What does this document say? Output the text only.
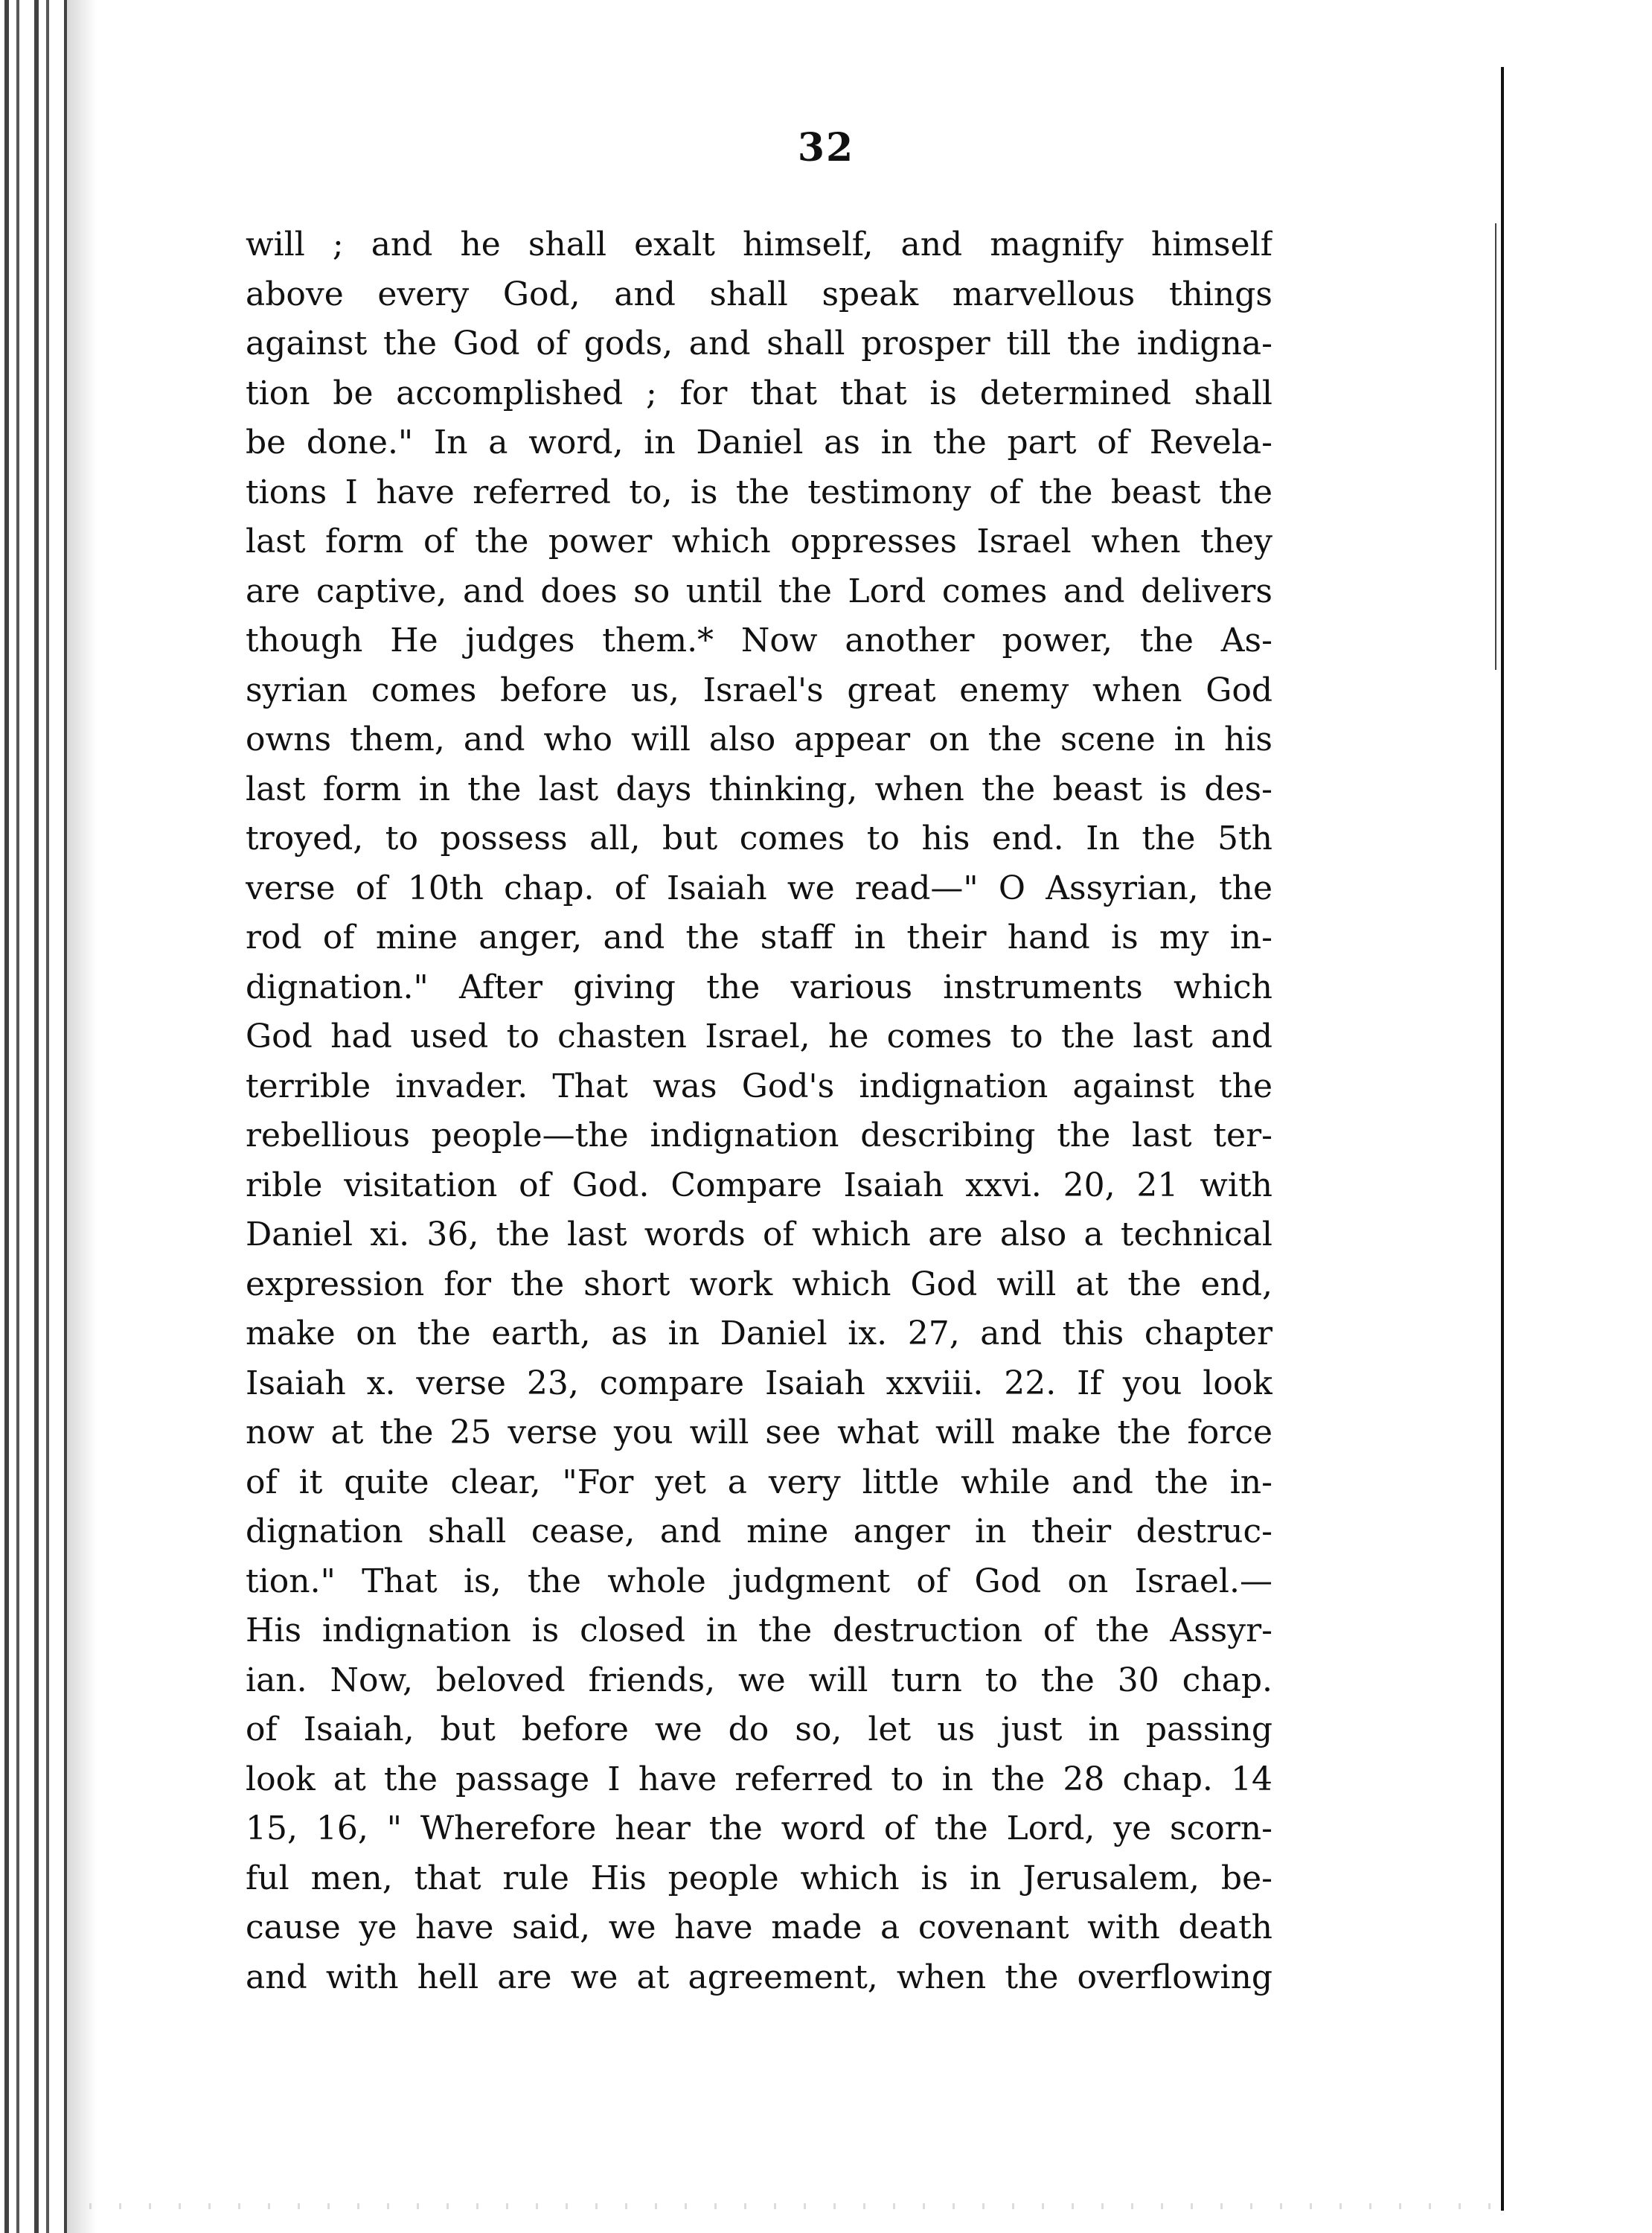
32
will ; and he shall exalt himself, and magnify himself
above every God, and shall speak marvellous things
against the God of gods, and shall prosper till the indigna-
tion be accomplished ; for that that is determined shall
be done." In a word, in Daniel as in the part of Revela-
tions I have referred to, is the testimony of the beast the
last form of the power which oppresses Israel when they
are captive, and does so until the Lord comes and delivers
though He judges them.* Now another power, the As-
syrian comes before us, Israel's great enemy when God
owns them, and who will also appear on the scene in his
last form in the last days thinking, when the beast is des-
troyed, to possess all, but comes to his end. In the 5th
verse of 10th chap. of Isaiah we read—" O Assyrian, the
rod of mine anger, and the staff in their hand is my in-
dignation." After giving the various instruments which
God had used to chasten Israel, he comes to the last and
terrible invader. That was God's indignation against the
rebellious people—the indignation describing the last ter-
rible visitation of God. Compare Isaiah xxvi. 20, 21 with
Daniel xi. 36, the last words of which are also a technical
expression for the short work which God will at the end,
make on the earth, as in Daniel ix. 27, and this chapter
Isaiah x. verse 23, compare Isaiah xxviii. 22. If you look
now at the 25 verse you will see what will make the force
of it quite clear, "For yet a very little while and the in-
dignation shall cease, and mine anger in their destruc-
tion." That is, the whole judgment of God on Israel.—
His indignation is closed in the destruction of the Assyr-
ian. Now, beloved friends, we will turn to the 30 chap.
of Isaiah, but before we do so, let us just in passing
look at the passage I have referred to in the 28 chap. 14
15, 16, " Wherefore hear the word of the Lord, ye scorn-
ful men, that rule His people which is in Jerusalem, be-
cause ye have said, we have made a covenant with death
and with hell are we at agreement, when the overflowing
